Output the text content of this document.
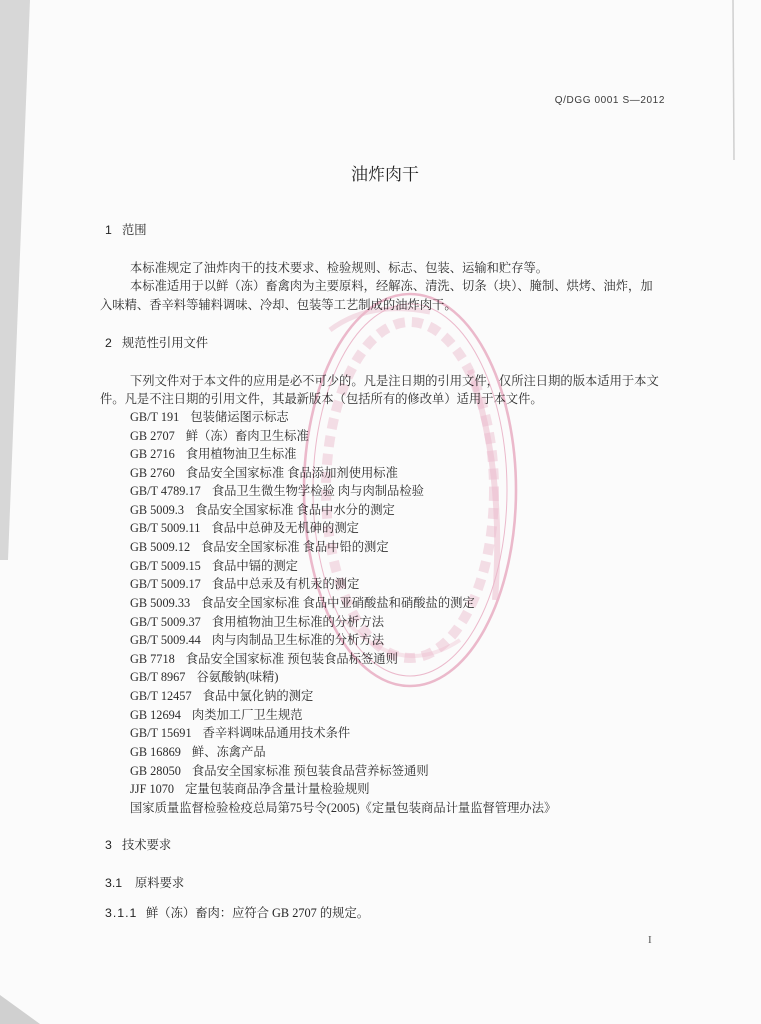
Q/DGG 0001 S—2012
油炸肉干
1 范围
本标准规定了油炸肉干的技术要求、检验规则、标志、包装、运输和贮存等。
本标准适用于以鲜（冻）畜禽肉为主要原料，经解冻、清洗、切条（块）、腌制、烘烤、油炸，加
入味精、香辛料等辅料调味、冷却、包装等工艺制成的油炸肉干。
2 规范性引用文件
下列文件对于本文件的应用是必不可少的。凡是注日期的引用文件，仅所注日期的版本适用于本文
件。凡是不注日期的引用文件，其最新版本（包括所有的修改单）适用于本文件。
GB/T 191 包装储运图示标志
GB 2707 鲜（冻）畜肉卫生标准
GB 2716 食用植物油卫生标准
GB 2760 食品安全国家标准 食品添加剂使用标准
GB/T 4789.17 食品卫生微生物学检验 肉与肉制品检验
GB 5009.3 食品安全国家标准 食品中水分的测定
GB/T 5009.11 食品中总砷及无机砷的测定
GB 5009.12 食品安全国家标准 食品中铅的测定
GB/T 5009.15 食品中镉的测定
GB/T 5009.17 食品中总汞及有机汞的测定
GB 5009.33 食品安全国家标准 食品中亚硝酸盐和硝酸盐的测定
GB/T 5009.37 食用植物油卫生标准的分析方法
GB/T 5009.44 肉与肉制品卫生标准的分析方法
GB 7718 食品安全国家标准 预包装食品标签通则
GB/T 8967 谷氨酸钠(味精)
GB/T 12457 食品中氯化钠的测定
GB 12694 肉类加工厂卫生规范
GB/T 15691 香辛料调味品通用技术条件
GB 16869 鲜、冻禽产品
GB 28050 食品安全国家标准 预包装食品营养标签通则
JJF 1070 定量包装商品净含量计量检验规则
国家质量监督检验检疫总局第75号令(2005)《定量包装商品计量监督管理办法》
3 技术要求
3.1 原料要求
3.1.1 鲜（冻）畜肉：应符合 GB 2707 的规定。
I
